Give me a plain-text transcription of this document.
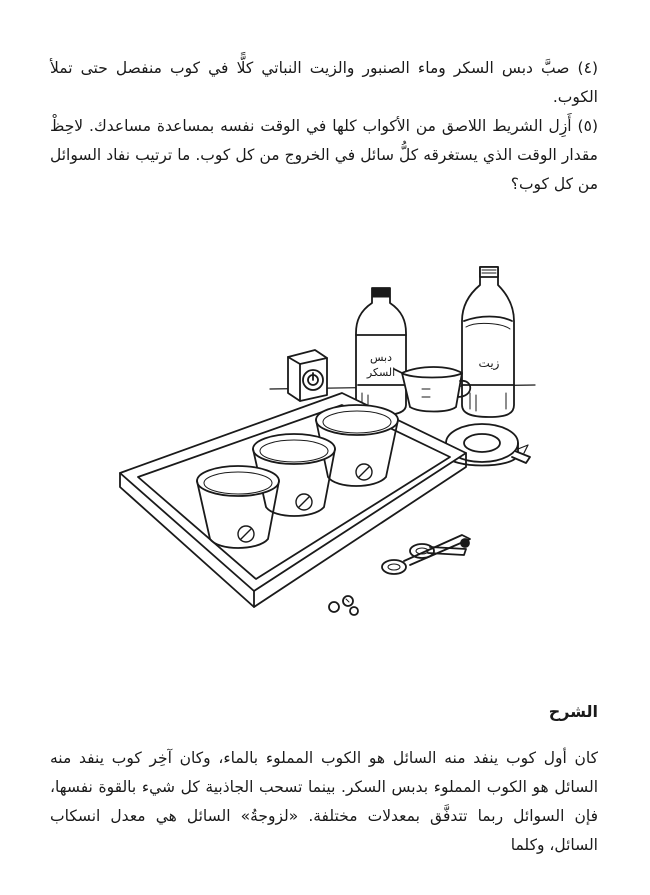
(٤) صبَّ دبس السكر وماء الصنبور والزيت النباتي كلًّا في كوب منفصل حتى تملأ الكوب.

(٥) أَزِل الشريط اللاصق من الأكواب كلها في الوقت نفسه بمساعدة مساعدك. لاحِظْ مقدار الوقت الذي يستغرقه كلُّ سائل في الخروج من كل كوب. ما ترتيب نفاد السوائل من كل كوب؟

دبس
السكر
زيت
الشرح

كان أول كوب ينفد منه السائل هو الكوب المملوء بالماء، وكان آخِر كوب ينفد منه السائل هو الكوب المملوء بدبس السكر. بينما تسحب الجاذبية كل شيء بالقوة نفسها، فإن السوائل ربما تتدفَّق بمعدلات مختلفة. «لزوجةُ» السائل هي معدل انسكاب السائل، وكلما
